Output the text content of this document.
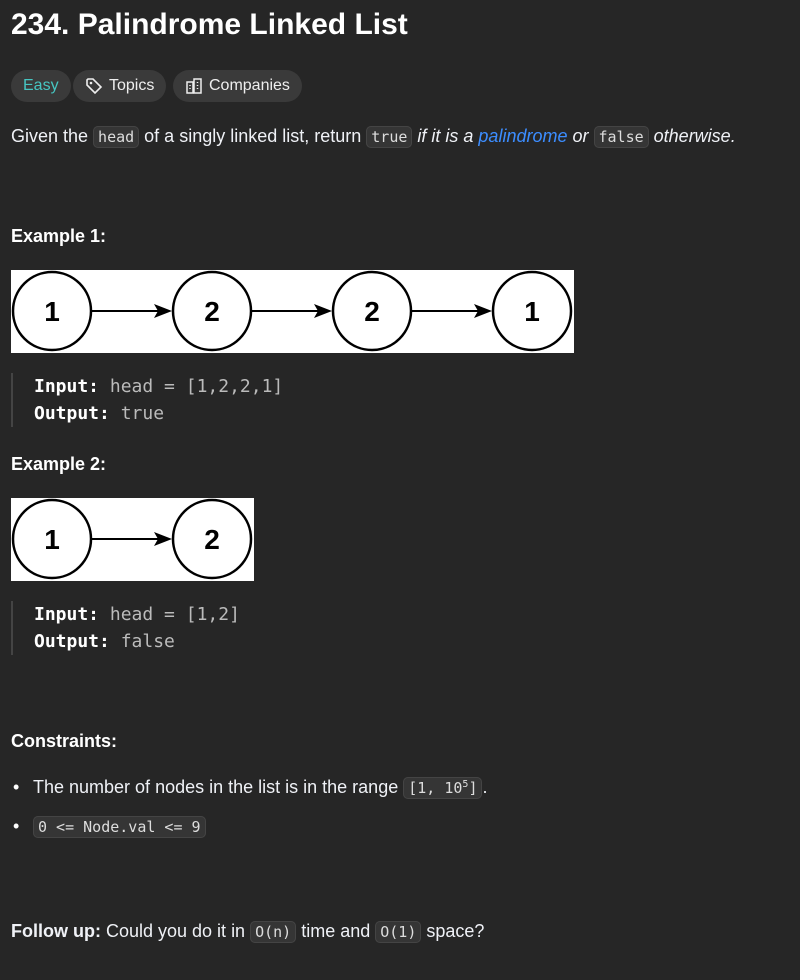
234. Palindrome Linked List
Easy	Topics	Companies
Given the head of a singly linked list, return true if it is a palindrome or false otherwise.
Example 1:
1	2	2	1
Input: head = [1,2,2,1]
Output: true
Example 2:
1	2
Input: head = [1,2]
Output: false
Constraints:
• The number of nodes in the list is in the range [1, $10^5$] .
• 0 <= Node.val <= 9
Follow up: Could you do it in O(n) time and O(1) space?
